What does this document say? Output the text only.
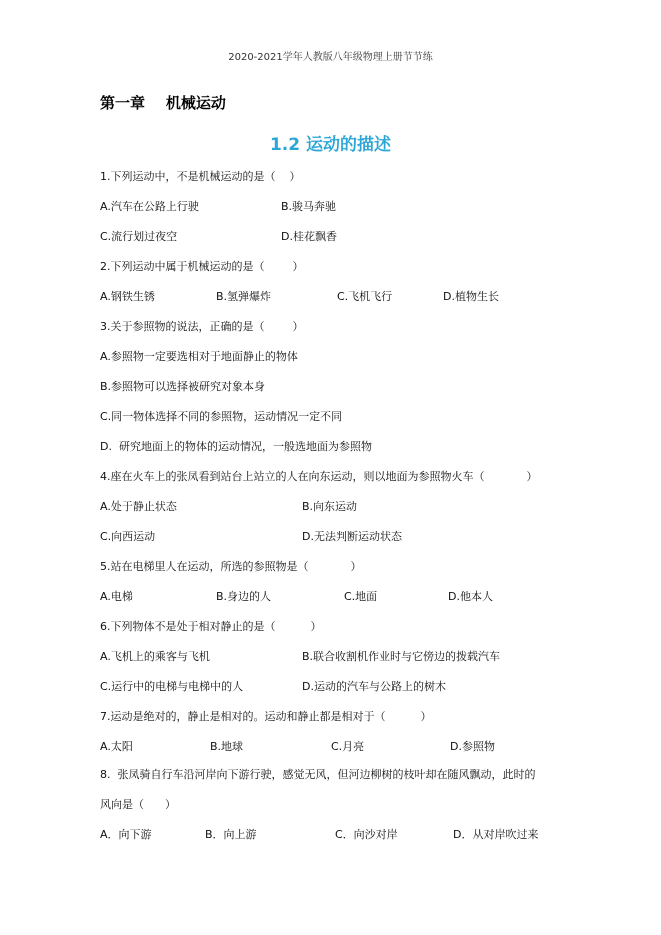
2020-2021学年人教版八年级物理上册节节练
第一章    机械运动
1.2 运动的描述
1.下列运动中，不是机械运动的是（    ）
A.汽车在公路上行驶	B.骏马奔驰
C.流行划过夜空	D.桂花飘香
2.下列运动中属于机械运动的是（        ）
A.钢铁生锈	B.氢弹爆炸	C.飞机飞行	D.植物生长
3.关于参照物的说法，正确的是（        ）
A.参照物一定要选相对于地面静止的物体
B.参照物可以选择被研究对象本身
C.同一物体选择不同的参照物，运动情况一定不同
D.  研究地面上的物体的运动情况，一般选地面为参照物
4.座在火车上的张凤看到站台上站立的人在向东运动，则以地面为参照物火车（            ）
A.处于静止状态	B.向东运动
C.向西运动	D.无法判断运动状态
5.站在电梯里人在运动，所选的参照物是（            ）
A.电梯	B.身边的人	C.地面	D.他本人
6.下列物体不是处于相对静止的是（          ）
A.飞机上的乘客与飞机	B.联合收割机作业时与它傍边的拨载汽车
C.运行中的电梯与电梯中的人	D.运动的汽车与公路上的树木
7.运动是绝对的，静止是相对的。运动和静止都是相对于（          ）
A.太阳	B.地球	C.月亮	D.参照物
8.  张凤骑自行车沿河岸向下游行驶，感觉无风，但河边柳树的枝叶却在随风飘动，此时的
风向是（      ）
A．向下游	B．向上游	C．向沙对岸	D．从对岸吹过来
